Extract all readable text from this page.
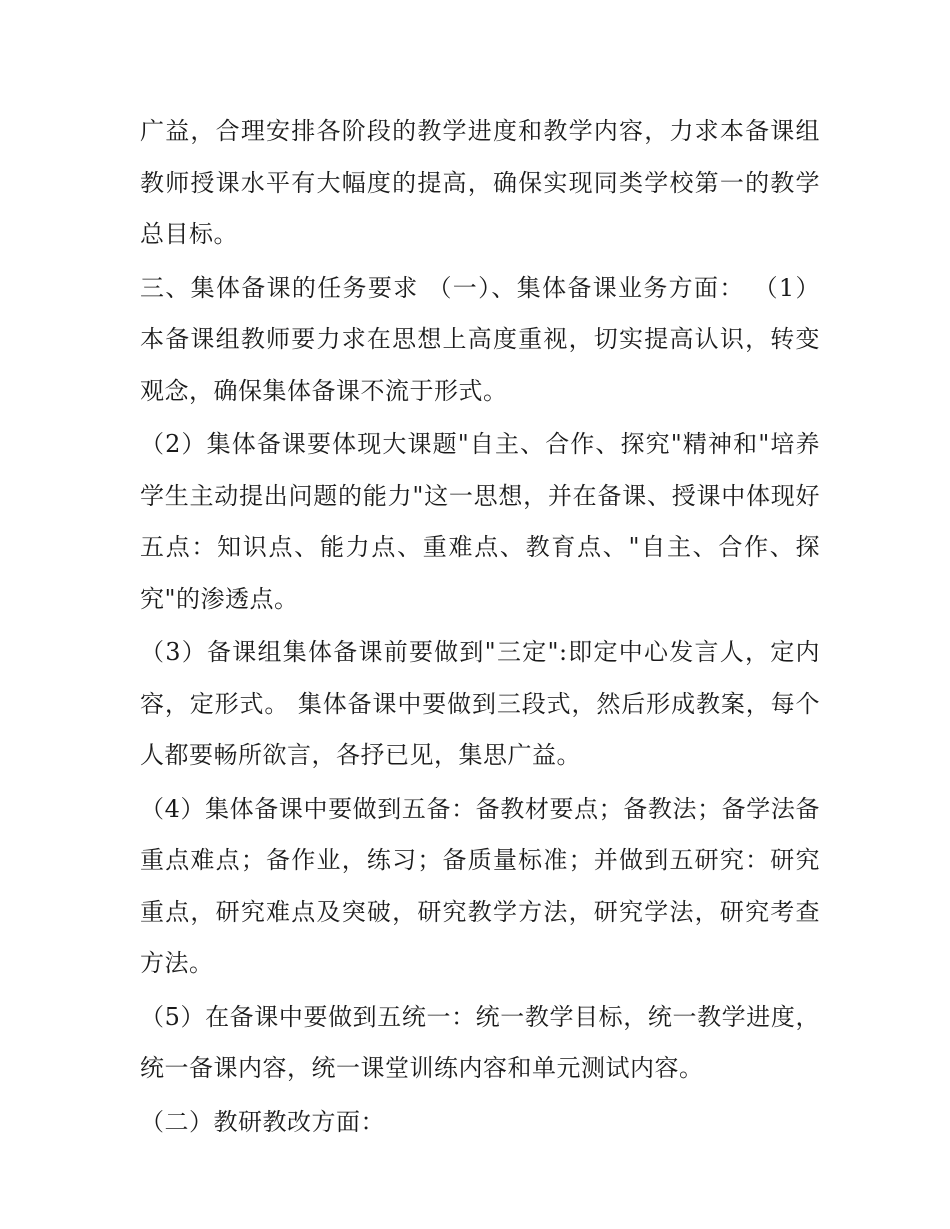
广益，合理安排各阶段的教学进度和教学内容，力求本备课组教师授课水平有大幅度的提高，确保实现同类学校第一的教学总目标。

三、集体备课的任务要求 （一）、集体备课业务方面： （1）本备课组教师要力求在思想上高度重视，切实提高认识，转变观念，确保集体备课不流于形式。

（2）集体备课要体现大课题"自主、合作、探究"精神和"培养学生主动提出问题的能力"这一思想，并在备课、授课中体现好五点：知识点、能力点、重难点、教育点、"自主、合作、探究"的渗透点。

（3）备课组集体备课前要做到"三定":即定中心发言人，定内容，定形式。 集体备课中要做到三段式，然后形成教案，每个人都要畅所欲言，各抒已见，集思广益。

（4）集体备课中要做到五备：备教材要点；备教法；备学法备重点难点；备作业，练习；备质量标准；并做到五研究：研究重点，研究难点及突破，研究教学方法，研究学法，研究考查方法。

（5）在备课中要做到五统一：统一教学目标，统一教学进度，统一备课内容，统一课堂训练内容和单元测试内容。

（二）教研教改方面：
